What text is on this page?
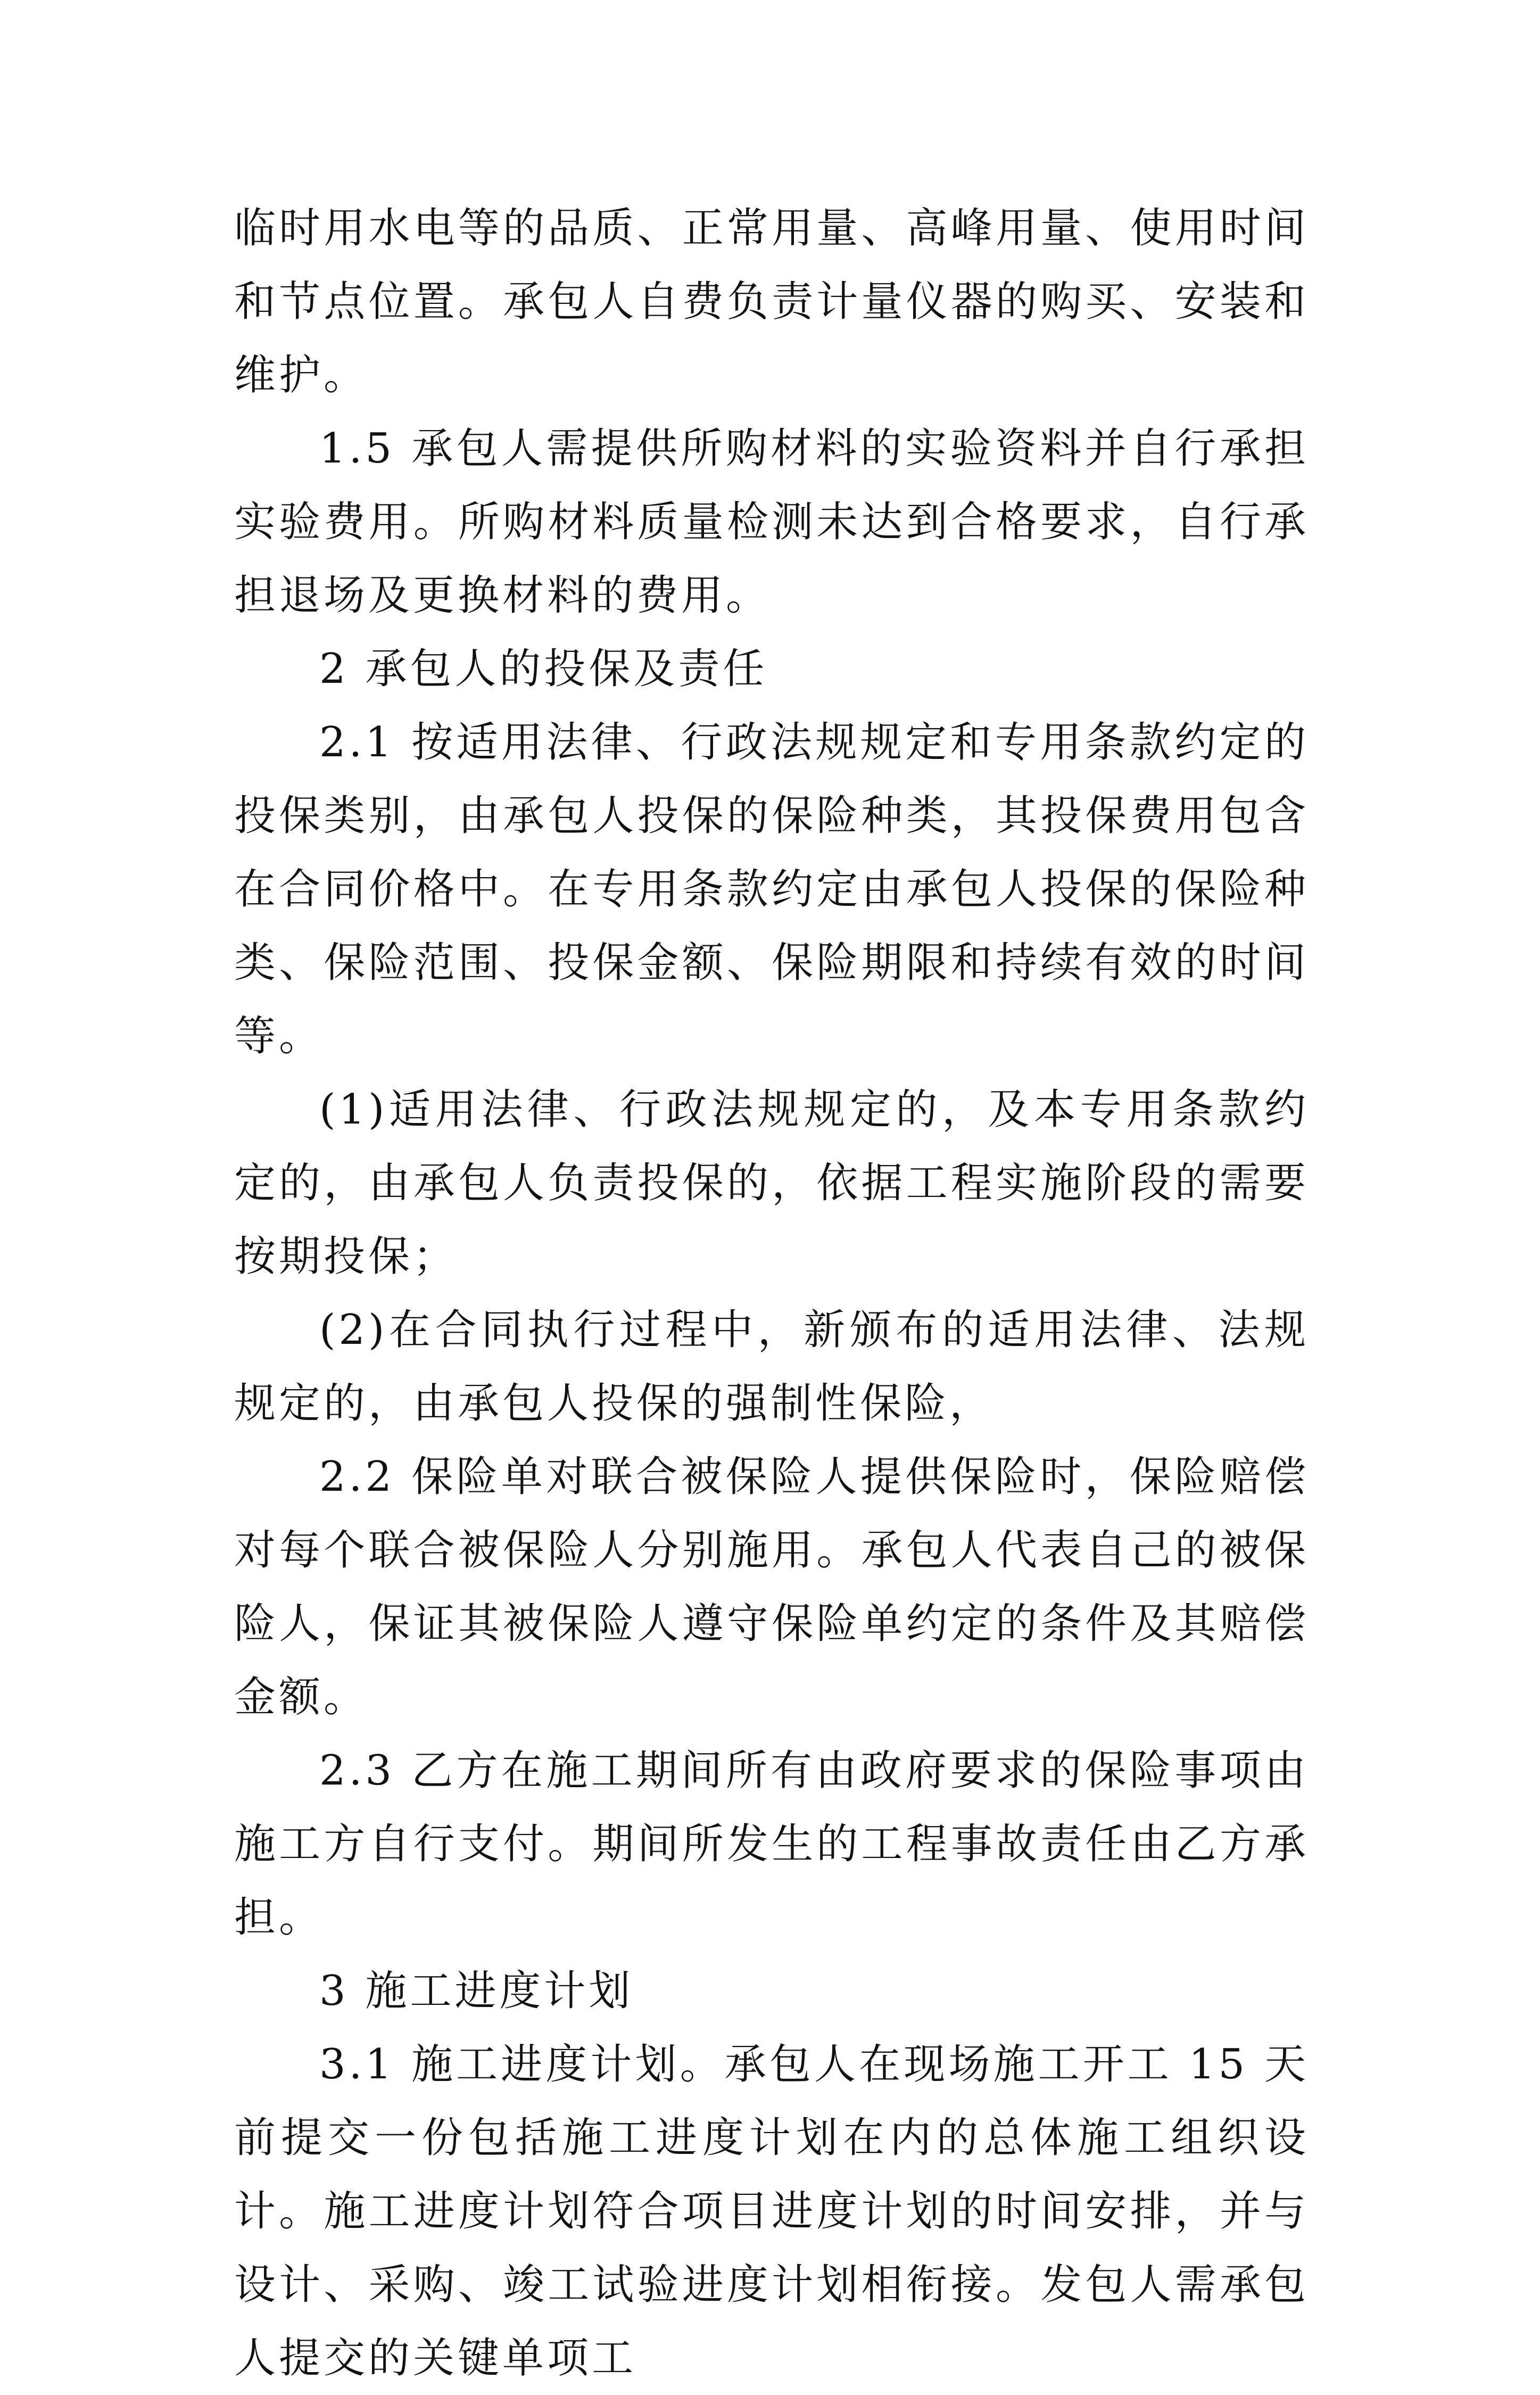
临时用水电等的品质、正常用量、高峰用量、使用时间和节点位置。承包人自费负责计量仪器的购买、安装和维护。

1.5 承包人需提供所购材料的实验资料并自行承担实验费用。所购材料质量检测未达到合格要求，自行承担退场及更换材料的费用。

2 承包人的投保及责任

2.1 按适用法律、行政法规规定和专用条款约定的投保类别，由承包人投保的保险种类，其投保费用包含在合同价格中。在专用条款约定由承包人投保的保险种类、保险范围、投保金额、保险期限和持续有效的时间等。

(1)适用法律、行政法规规定的，及本专用条款约定的，由承包人负责投保的，依据工程实施阶段的需要按期投保；

(2)在合同执行过程中，新颁布的适用法律、法规规定的，由承包人投保的强制性保险，

2.2 保险单对联合被保险人提供保险时，保险赔偿对每个联合被保险人分别施用。承包人代表自己的被保险人，保证其被保险人遵守保险单约定的条件及其赔偿金额。

2.3 乙方在施工期间所有由政府要求的保险事项由施工方自行支付。期间所发生的工程事故责任由乙方承担。

3 施工进度计划

3.1 施工进度计划。承包人在现场施工开工 15 天前提交一份包括施工进度计划在内的总体施工组织设计。施工进度计划符合项目进度计划的时间安排，并与设计、采购、竣工试验进度计划相衔接。发包人需承包人提交的关键单项工
